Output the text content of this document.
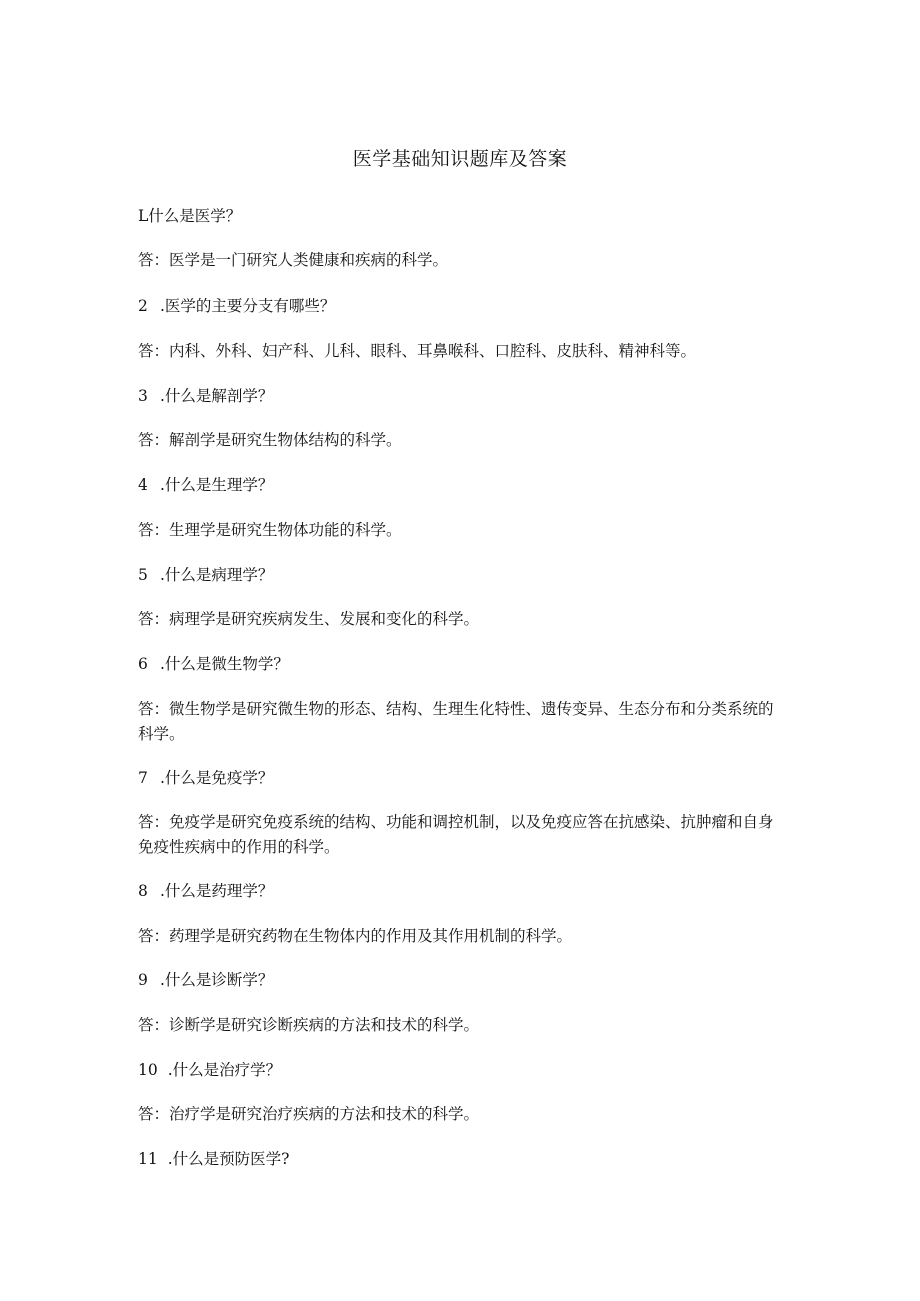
医学基础知识题库及答案
L什么是医学？
答：医学是一门研究人类健康和疾病的科学。
2 .医学的主要分支有哪些？
答：内科、外科、妇产科、儿科、眼科、耳鼻喉科、口腔科、皮肤科、精神科等。
3 .什么是解剖学？
答：解剖学是研究生物体结构的科学。
4 .什么是生理学？
答：生理学是研究生物体功能的科学。
5 .什么是病理学？
答：病理学是研究疾病发生、发展和变化的科学。
6 .什么是微生物学？
答：微生物学是研究微生物的形态、结构、生理生化特性、遗传变异、生态分布和分类系统的科学。
7 .什么是免疫学？
答：免疫学是研究免疫系统的结构、功能和调控机制，以及免疫应答在抗感染、抗肿瘤和自身免疫性疾病中的作用的科学。
8 .什么是药理学？
答：药理学是研究药物在生物体内的作用及其作用机制的科学。
9 .什么是诊断学？
答：诊断学是研究诊断疾病的方法和技术的科学。
10 .什么是治疗学？
答：治疗学是研究治疗疾病的方法和技术的科学。
11 .什么是预防医学?
